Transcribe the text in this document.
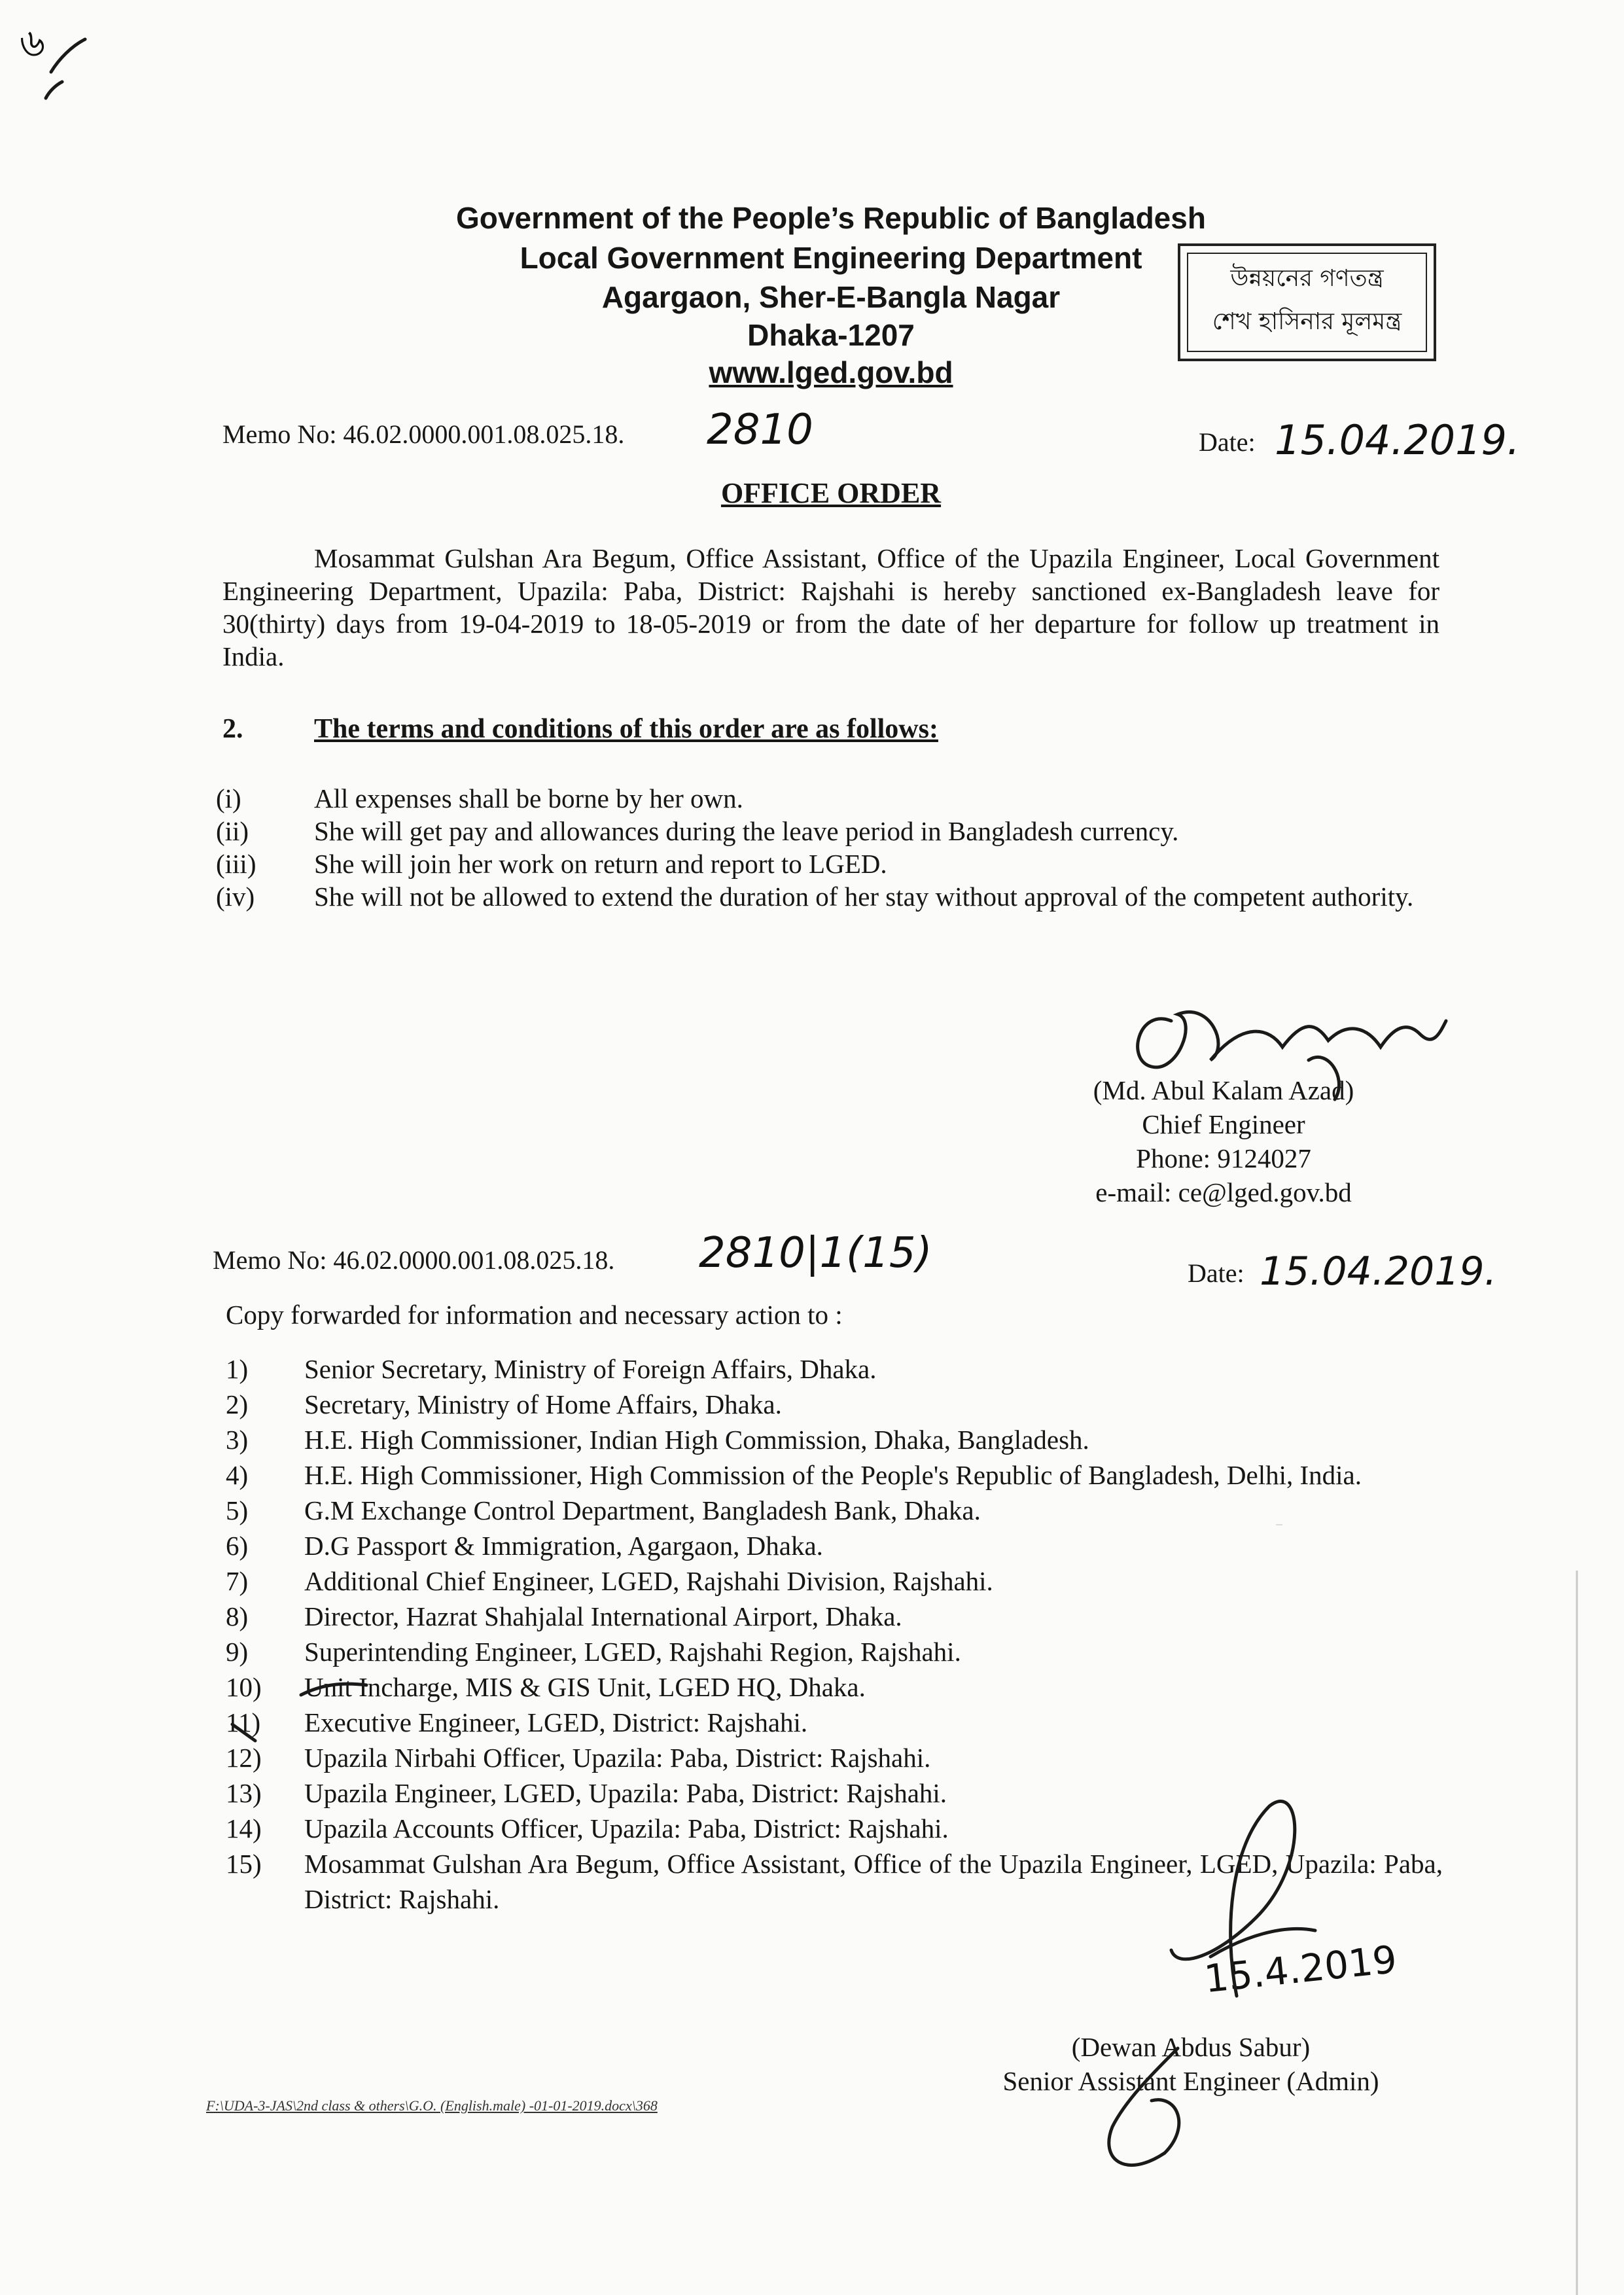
৬
Government of the People’s Republic of Bangladesh
Local Government Engineering Department
Agargaon, Sher-E-Bangla Nagar
Dhaka-1207
www.lged.gov.bd
উন্নয়নের গণতন্ত্র
শেখ হাসিনার মূলমন্ত্র
Memo No: 46.02.0000.001.08.025.18. 2810	Date: 15.04.2019.
OFFICE ORDER
Mosammat Gulshan Ara Begum, Office Assistant, Office of the Upazila Engineer, Local Government Engineering Department, Upazila: Paba, District: Rajshahi is hereby sanctioned ex-Bangladesh leave for 30(thirty) days from 19-04-2019 to 18-05-2019 or from the date of her departure for follow up treatment in India.
2.	The terms and conditions of this order are as follows:
(i)	All expenses shall be borne by her own.
(ii)	She will get pay and allowances during the leave period in Bangladesh currency.
(iii)	She will join her work on return and report to LGED.
(iv)	She will not be allowed to extend the duration of her stay without approval of the competent authority.
(Md. Abul Kalam Azad)
Chief Engineer
Phone: 9124027
e-mail: ce@lged.gov.bd
Memo No: 46.02.0000.001.08.025.18. 2810|1(15)	Date: 15.04.2019.
Copy forwarded for information and necessary action to :
1)	Senior Secretary, Ministry of Foreign Affairs, Dhaka.
2)	Secretary, Ministry of Home Affairs, Dhaka.
3)	H.E. High Commissioner, Indian High Commission, Dhaka, Bangladesh.
4)	H.E. High Commissioner, High Commission of the People's Republic of Bangladesh, Delhi, India.
5)	G.M Exchange Control Department, Bangladesh Bank, Dhaka.
6)	D.G Passport & Immigration, Agargaon, Dhaka.
7)	Additional Chief Engineer, LGED, Rajshahi Division, Rajshahi.
8)	Director, Hazrat Shahjalal International Airport, Dhaka.
9)	Superintending Engineer, LGED, Rajshahi Region, Rajshahi.
10)	Unit Incharge, MIS & GIS Unit, LGED HQ, Dhaka.
11)	Executive Engineer, LGED, District: Rajshahi.
12)	Upazila Nirbahi Officer, Upazila: Paba, District: Rajshahi.
13)	Upazila Engineer, LGED, Upazila: Paba, District: Rajshahi.
14)	Upazila Accounts Officer, Upazila: Paba, District: Rajshahi.
15)	Mosammat Gulshan Ara Begum, Office Assistant, Office of the Upazila Engineer, LGED, Upazila: Paba, District: Rajshahi.
15.4.2019
(Dewan Abdus Sabur)
Senior Assistant Engineer (Admin)
F:\UDA-3-JAS\2nd class & others\G.O. (English.male) -01-01-2019.docx\368
